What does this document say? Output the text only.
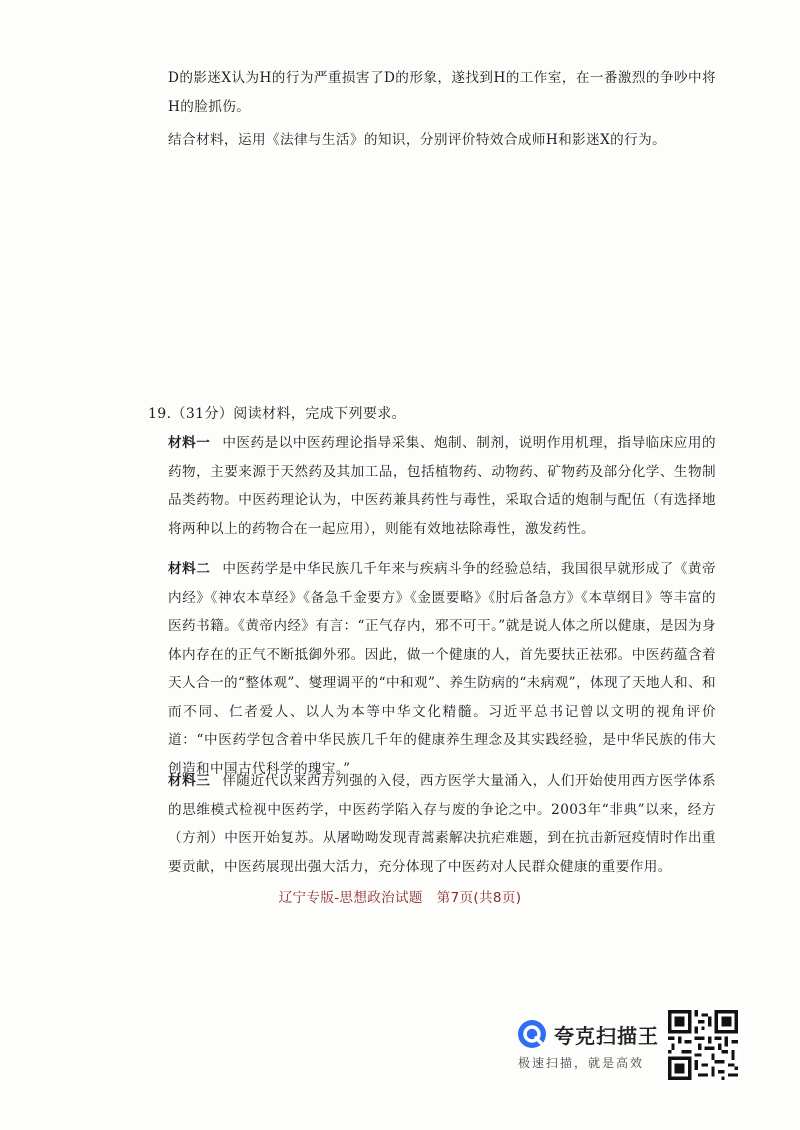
D的影迷X认为H的行为严重损害了D的形象，遂找到H的工作室，在一番激烈的争吵中将H的脸抓伤。
结合材料，运用《法律与生活》的知识，分别评价特效合成师H和影迷X的行为。
19.（31分）阅读材料，完成下列要求。
材料一 中医药是以中医药理论指导采集、炮制、制剂，说明作用机理，指导临床应用的药物，主要来源于天然药及其加工品，包括植物药、动物药、矿物药及部分化学、生物制品类药物。中医药理论认为，中医药兼具药性与毒性，采取合适的炮制与配伍（有选择地将两种以上的药物合在一起应用），则能有效地祛除毒性，激发药性。
材料二 中医药学是中华民族几千年来与疾病斗争的经验总结，我国很早就形成了《黄帝内经》《神农本草经》《备急千金要方》《金匮要略》《肘后备急方》《本草纲目》等丰富的医药书籍。《黄帝内经》有言：“正气存内，邪不可干。”就是说人体之所以健康，是因为身体内存在的正气不断抵御外邪。因此，做一个健康的人，首先要扶正祛邪。中医药蕴含着天人合一的“整体观”、燮理调平的“中和观”、养生防病的“未病观”，体现了天地人和、和而不同、仁者爱人、以人为本等中华文化精髓。习近平总书记曾以文明的视角评价道：“中医药学包含着中华民族几千年的健康养生理念及其实践经验，是中华民族的伟大创造和中国古代科学的瑰宝。”
材料三 伴随近代以来西方列强的入侵，西方医学大量涌入，人们开始使用西方医学体系的思维模式检视中医药学，中医药学陷入存与废的争论之中。2003年“非典”以来，经方（方剂）中医开始复苏。从屠呦呦发现青蒿素解决抗疟难题，到在抗击新冠疫情时作出重要贡献，中医药展现出强大活力，充分体现了中医药对人民群众健康的重要作用。
辽宁专版-思想政治试题　第7页(共8页)
夸克扫描王
极速扫描，就是高效
